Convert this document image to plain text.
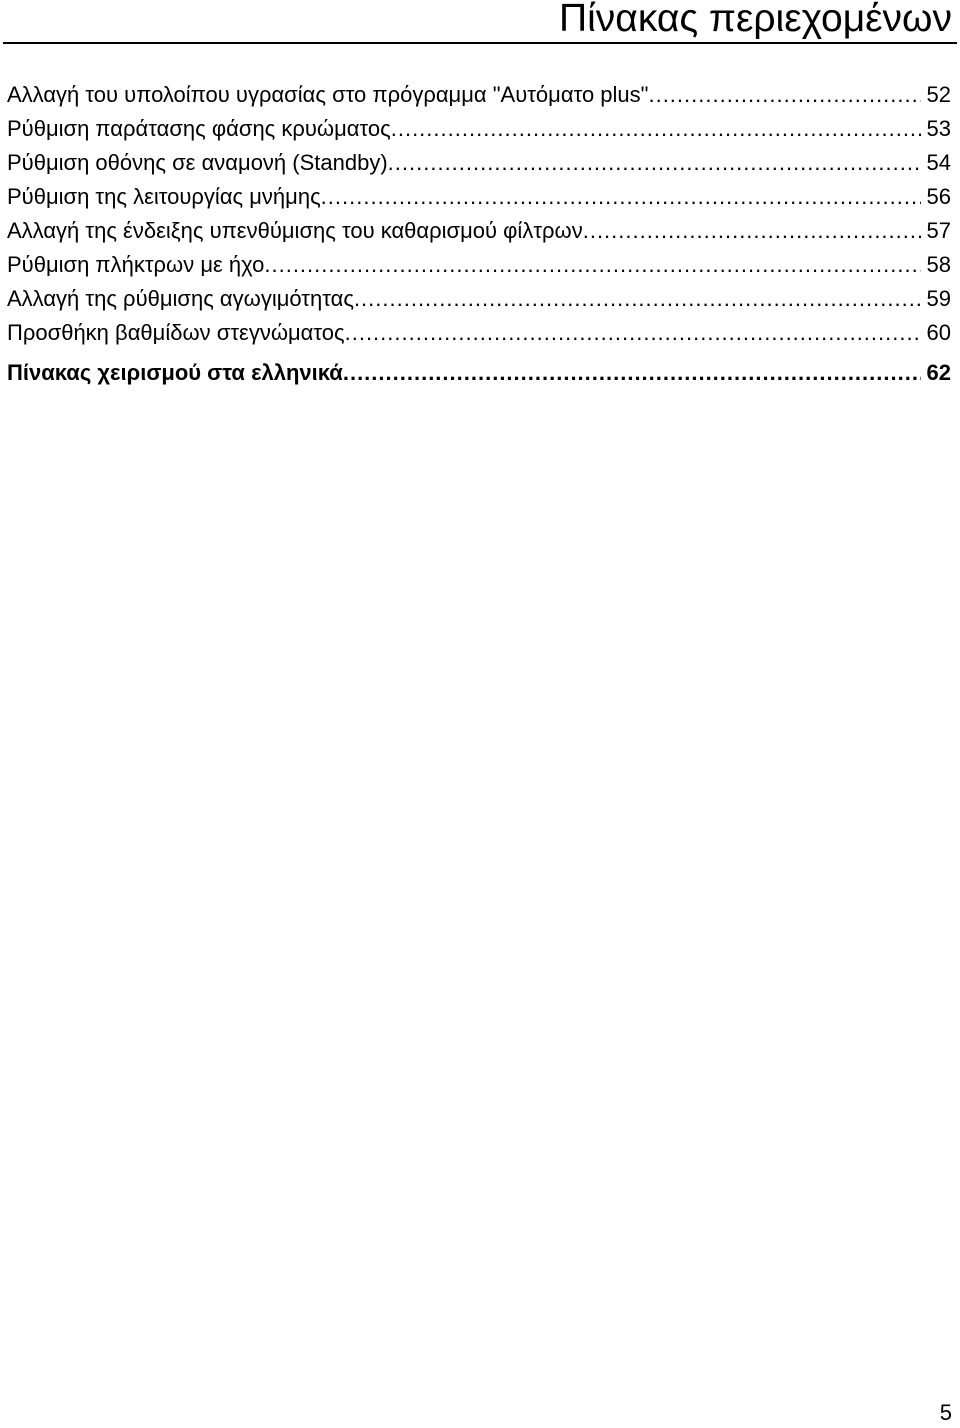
Πίνακας περιεχομένων
Αλλαγή του υπολοίπου υγρασίας στο πρόγραμμα "Αυτόματο plus" .....	52
Ρύθμιση παράτασης φάσης κρυώματος .....	53
Ρύθμιση οθόνης σε αναμονή (Standby) .....	54
Ρύθμιση της λειτουργίας μνήμης .....	56
Αλλαγή της ένδειξης υπενθύμισης του καθαρισμού φίλτρων .....	57
Ρύθμιση πλήκτρων με ήχο .....	58
Αλλαγή της ρύθμισης αγωγιμότητας .....	59
Προσθήκη βαθμίδων στεγνώματος .....	60
Πίνακας χειρισμού στα ελληνικά .....	62
5
